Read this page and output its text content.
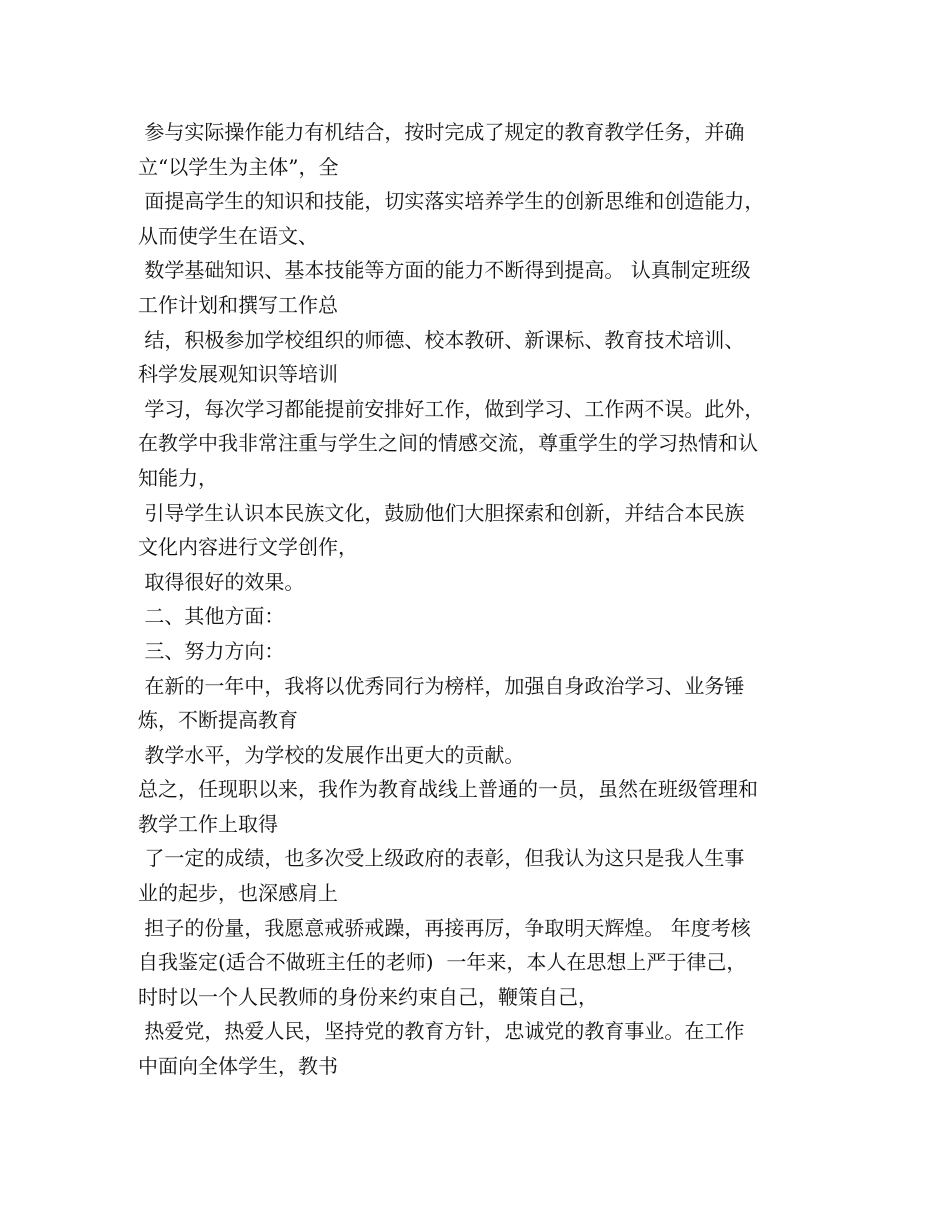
参与实际操作能力有机结合，按时完成了规定的教育教学任务，并确
立“以学生为主体”，全
面提高学生的知识和技能，切实落实培养学生的创新思维和创造能力，
从而使学生在语文、
数学基础知识、基本技能等方面的能力不断得到提高。 认真制定班级
工作计划和撰写工作总
结，积极参加学校组织的师德、校本教研、新课标、教育技术培训、
科学发展观知识等培训
学习，每次学习都能提前安排好工作，做到学习、工作两不误。此外，
在教学中我非常注重与学生之间的情感交流，尊重学生的学习热情和认
知能力，
引导学生认识本民族文化，鼓励他们大胆探索和创新，并结合本民族
文化内容进行文学创作，
取得很好的效果。
二、其他方面：
三、努力方向：
在新的一年中，我将以优秀同行为榜样，加强自身政治学习、业务锤
炼，不断提高教育
教学水平，为学校的发展作出更大的贡献。
总之，任现职以来，我作为教育战线上普通的一员，虽然在班级管理和
教学工作上取得
了一定的成绩，也多次受上级政府的表彰，但我认为这只是我人生事
业的起步，也深感肩上
担子的份量，我愿意戒骄戒躁，再接再厉，争取明天辉煌。 年度考核
自我鉴定(适合不做班主任的老师)  一年来，本人在思想上严于律己，
时时以一个人民教师的身份来约束自己，鞭策自己，
热爱党，热爱人民，坚持党的教育方针，忠诚党的教育事业。在工作
中面向全体学生，教书
